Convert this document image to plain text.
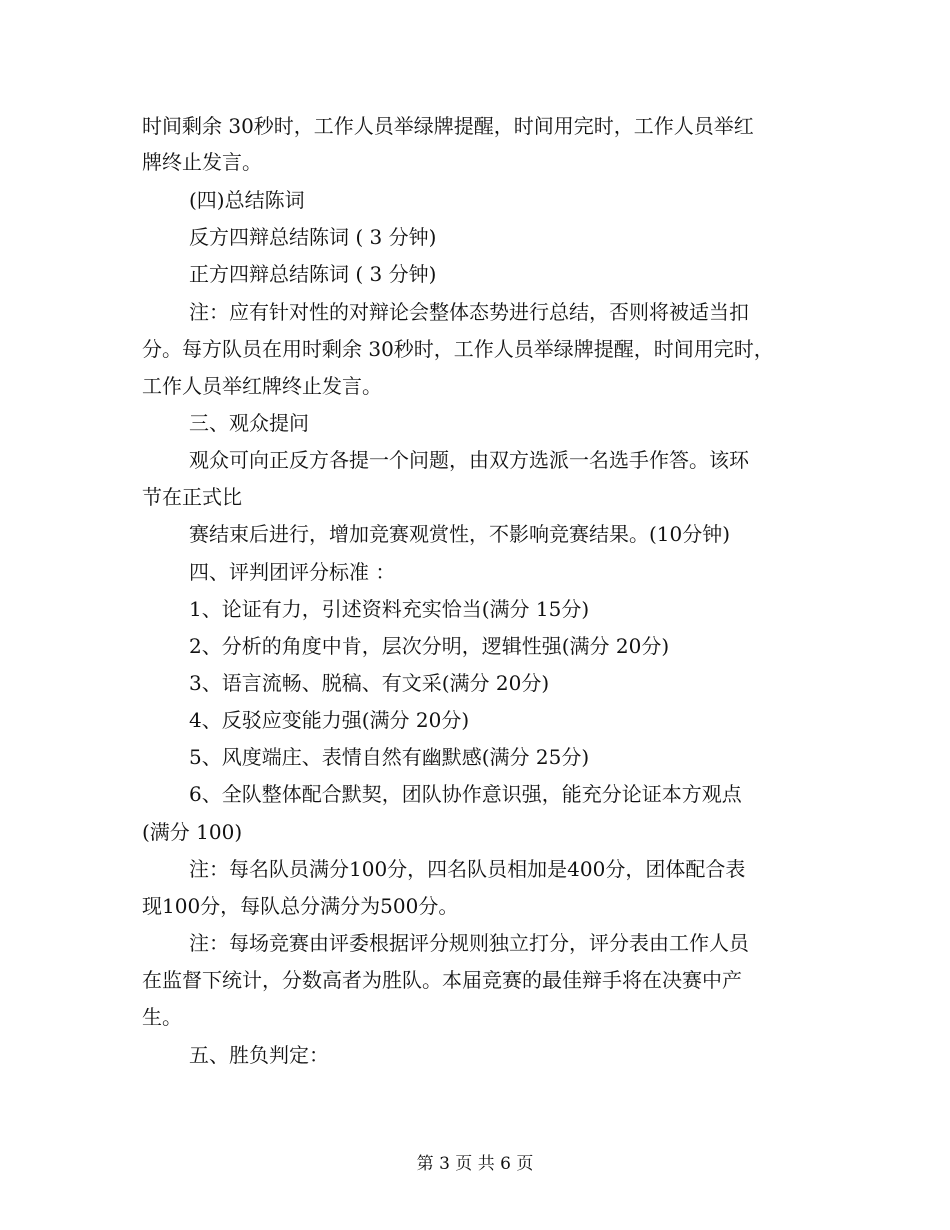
时间剩余 30秒时，工作人员举绿牌提醒，时间用完时，工作人员举红
牌终止发言。
(四)总结陈词
反方四辩总结陈词 ( 3 分钟)
正方四辩总结陈词 ( 3 分钟)
注：应有针对性的对辩论会整体态势进行总结，否则将被适当扣
分。每方队员在用时剩余 30秒时，工作人员举绿牌提醒，时间用完时，
工作人员举红牌终止发言。
三、观众提问
观众可向正反方各提一个问题，由双方选派一名选手作答。该环
节在正式比
赛结束后进行，增加竞赛观赏性，不影响竞赛结果。(10分钟)
四、评判团评分标准 ：
1、论证有力，引述资料充实恰当(满分 15分)
2、分析的角度中肯，层次分明，逻辑性强(满分 20分)
3、语言流畅、脱稿、有文采(满分 20分)
4、反驳应变能力强(满分 20分)
5、风度端庄、表情自然有幽默感(满分 25分)
6、全队整体配合默契，团队协作意识强，能充分论证本方观点
(满分 100)
注：每名队员满分100分，四名队员相加是400分，团体配合表
现100分，每队总分满分为500分。
注：每场竞赛由评委根据评分规则独立打分，评分表由工作人员
在监督下统计，分数高者为胜队。本届竞赛的最佳辩手将在决赛中产
生。
五、胜负判定：
第 3 页 共 6 页
